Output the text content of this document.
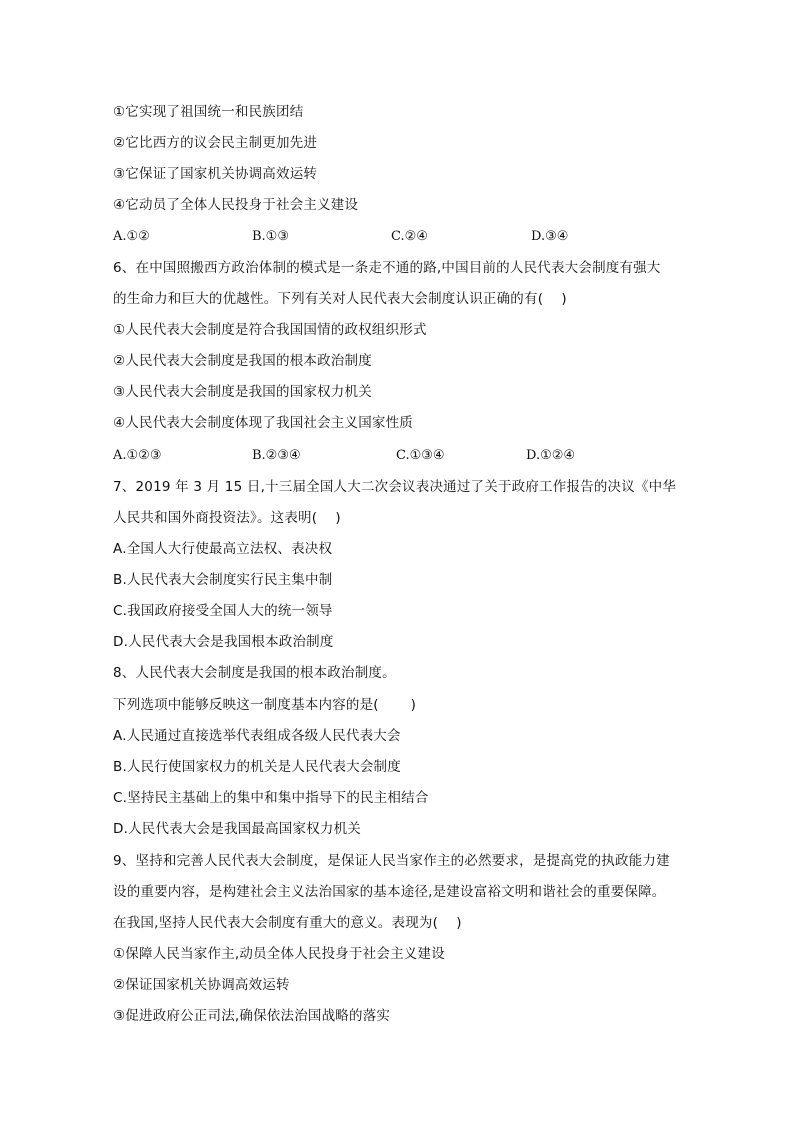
①它实现了祖国统一和民族团结
②它比西方的议会民主制更加先进
③它保证了国家机关协调高效运转
④它动员了全体人民投身于社会主义建设
A.①②	B.①③	C.②④	D.③④
6、在中国照搬西方政治体制的模式是一条走不通的路,中国目前的人民代表大会制度有强大
的生命力和巨大的优越性。下列有关对人民代表大会制度认识正确的有(　 )
①人民代表大会制度是符合我国国情的政权组织形式
②人民代表大会制度是我国的根本政治制度
③人民代表大会制度是我国的国家权力机关
④人民代表大会制度体现了我国社会主义国家性质
A.①②③	B.②③④	C.①③④	D.①②④
7、2019 年 3 月 15 日,十三届全国人大二次会议表决通过了关于政府工作报告的决议《中华
人民共和国外商投资法》。这表明(　 )
A.全国人大行使最高立法权、表决权
B.人民代表大会制度实行民主集中制
C.我国政府接受全国人大的统一领导
D.人民代表大会是我国根本政治制度
8、人民代表大会制度是我国的根本政治制度。
下列选项中能够反映这一制度基本内容的是(　　 )
A.人民通过直接选举代表组成各级人民代表大会
B.人民行使国家权力的机关是人民代表大会制度
C.坚持民主基础上的集中和集中指导下的民主相结合
D.人民代表大会是我国最高国家权力机关
9、坚持和完善人民代表大会制度，是保证人民当家作主的必然要求，是提高党的执政能力建
设的重要内容，是构建社会主义法治国家的基本途径,是建设富裕文明和谐社会的重要保障。
在我国,坚持人民代表大会制度有重大的意义。表现为(　 )
①保障人民当家作主,动员全体人民投身于社会主义建设
②保证国家机关协调高效运转
③促进政府公正司法,确保依法治国战略的落实
